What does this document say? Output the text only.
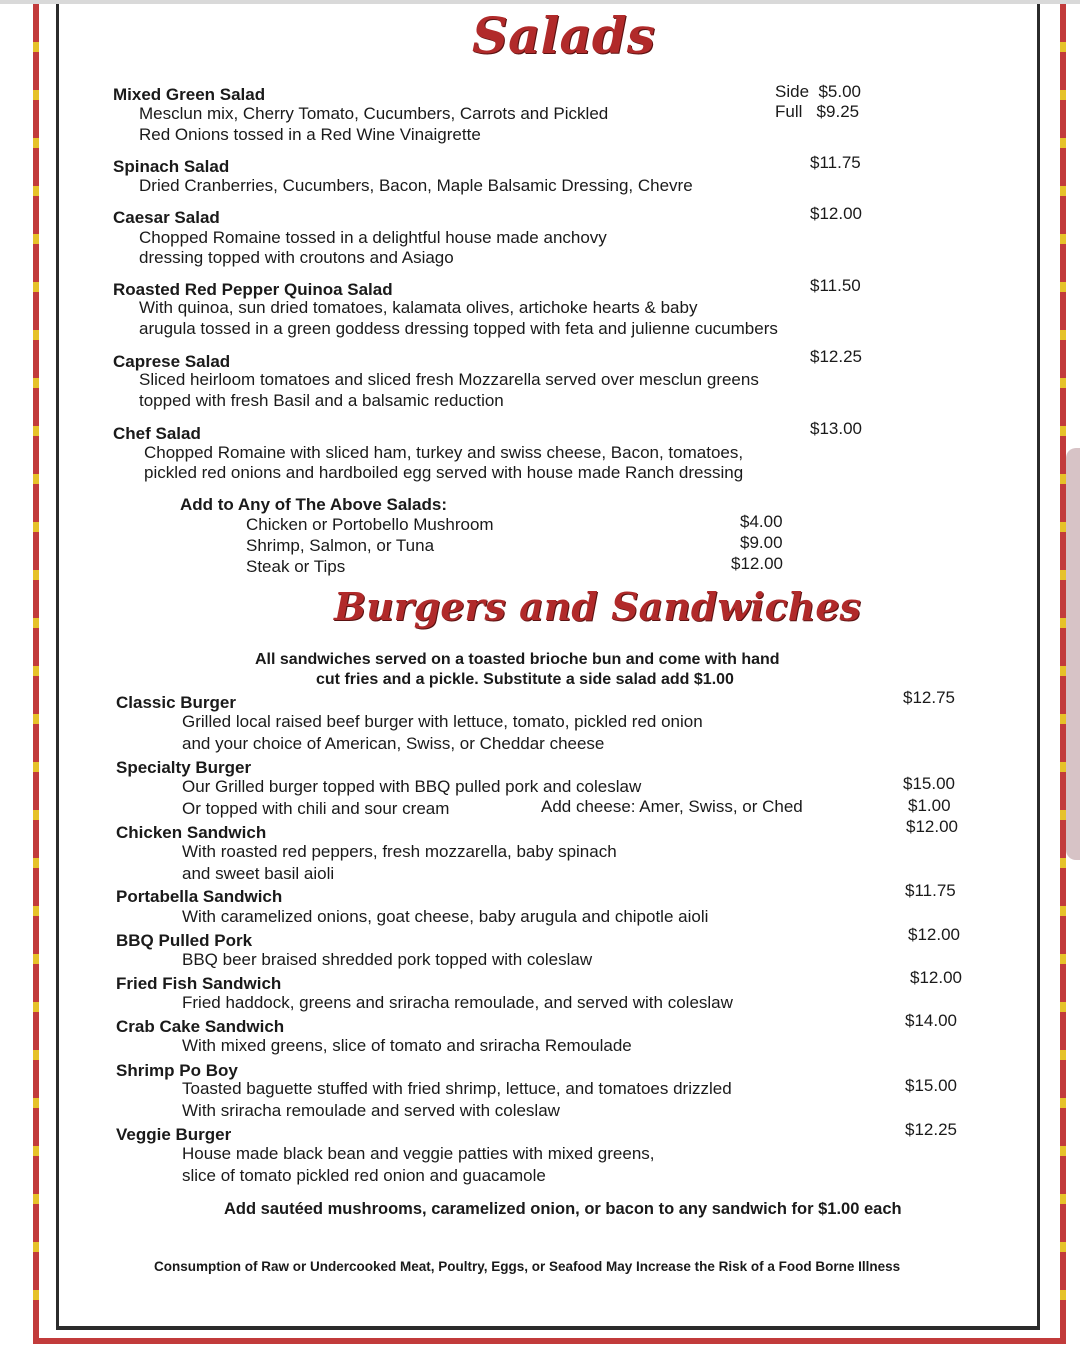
Salads
Mixed Green Salad
Mesclun mix, Cherry Tomato, Cucumbers, Carrots and Pickled
Red Onions tossed in a Red Wine Vinaigrette
Side  $5.00
Full   $9.25
Spinach Salad
Dried Cranberries, Cucumbers, Bacon, Maple Balsamic Dressing, Chevre
$11.75
Caesar Salad
Chopped Romaine tossed in a delightful house made anchovy
dressing topped with croutons and Asiago
$12.00
Roasted Red Pepper Quinoa Salad
With quinoa, sun dried tomatoes, kalamata olives, artichoke hearts & baby
arugula tossed in a green goddess dressing topped with feta and julienne cucumbers
$11.50
Caprese Salad
Sliced heirloom tomatoes and sliced fresh Mozzarella served over mesclun greens
topped with fresh Basil and a balsamic reduction
$12.25
Chef Salad
Chopped Romaine with sliced ham, turkey and swiss cheese, Bacon, tomatoes,
pickled red onions and hardboiled egg served with house made Ranch dressing
$13.00
Add to Any of The Above Salads:
Chicken or Portobello Mushroom	$4.00
Shrimp, Salmon, or Tuna	$9.00
Steak or Tips	$12.00
Burgers and Sandwiches
All sandwiches served on a toasted brioche bun and come with hand
cut fries and a pickle. Substitute a side salad add $1.00
Classic Burger
Grilled local raised beef burger with lettuce, tomato, pickled red onion
and your choice of American, Swiss, or Cheddar cheese
$12.75
Specialty Burger
Our Grilled burger topped with BBQ pulled pork and coleslaw
Or topped with chili and sour cream	Add cheese: Amer, Swiss, or Ched
$15.00
$1.00
Chicken Sandwich
With roasted red peppers, fresh mozzarella, baby spinach
and sweet basil aioli
$12.00
Portabella Sandwich
With caramelized onions, goat cheese, baby arugula and chipotle aioli
$11.75
BBQ Pulled Pork
BBQ beer braised shredded pork topped with coleslaw
$12.00
Fried Fish Sandwich
Fried haddock, greens and sriracha remoulade, and served with coleslaw
$12.00
Crab Cake Sandwich
With mixed greens, slice of tomato and sriracha Remoulade
$14.00
Shrimp Po Boy
Toasted baguette stuffed with fried shrimp, lettuce, and tomatoes drizzled
With sriracha remoulade and served with coleslaw
$15.00
Veggie Burger
House made black bean and veggie patties with mixed greens,
slice of tomato pickled red onion and guacamole
$12.25
Add sautéed mushrooms, caramelized onion, or bacon to any sandwich for $1.00 each
Consumption of Raw or Undercooked Meat, Poultry, Eggs, or Seafood May Increase the Risk of a Food Borne Illness
